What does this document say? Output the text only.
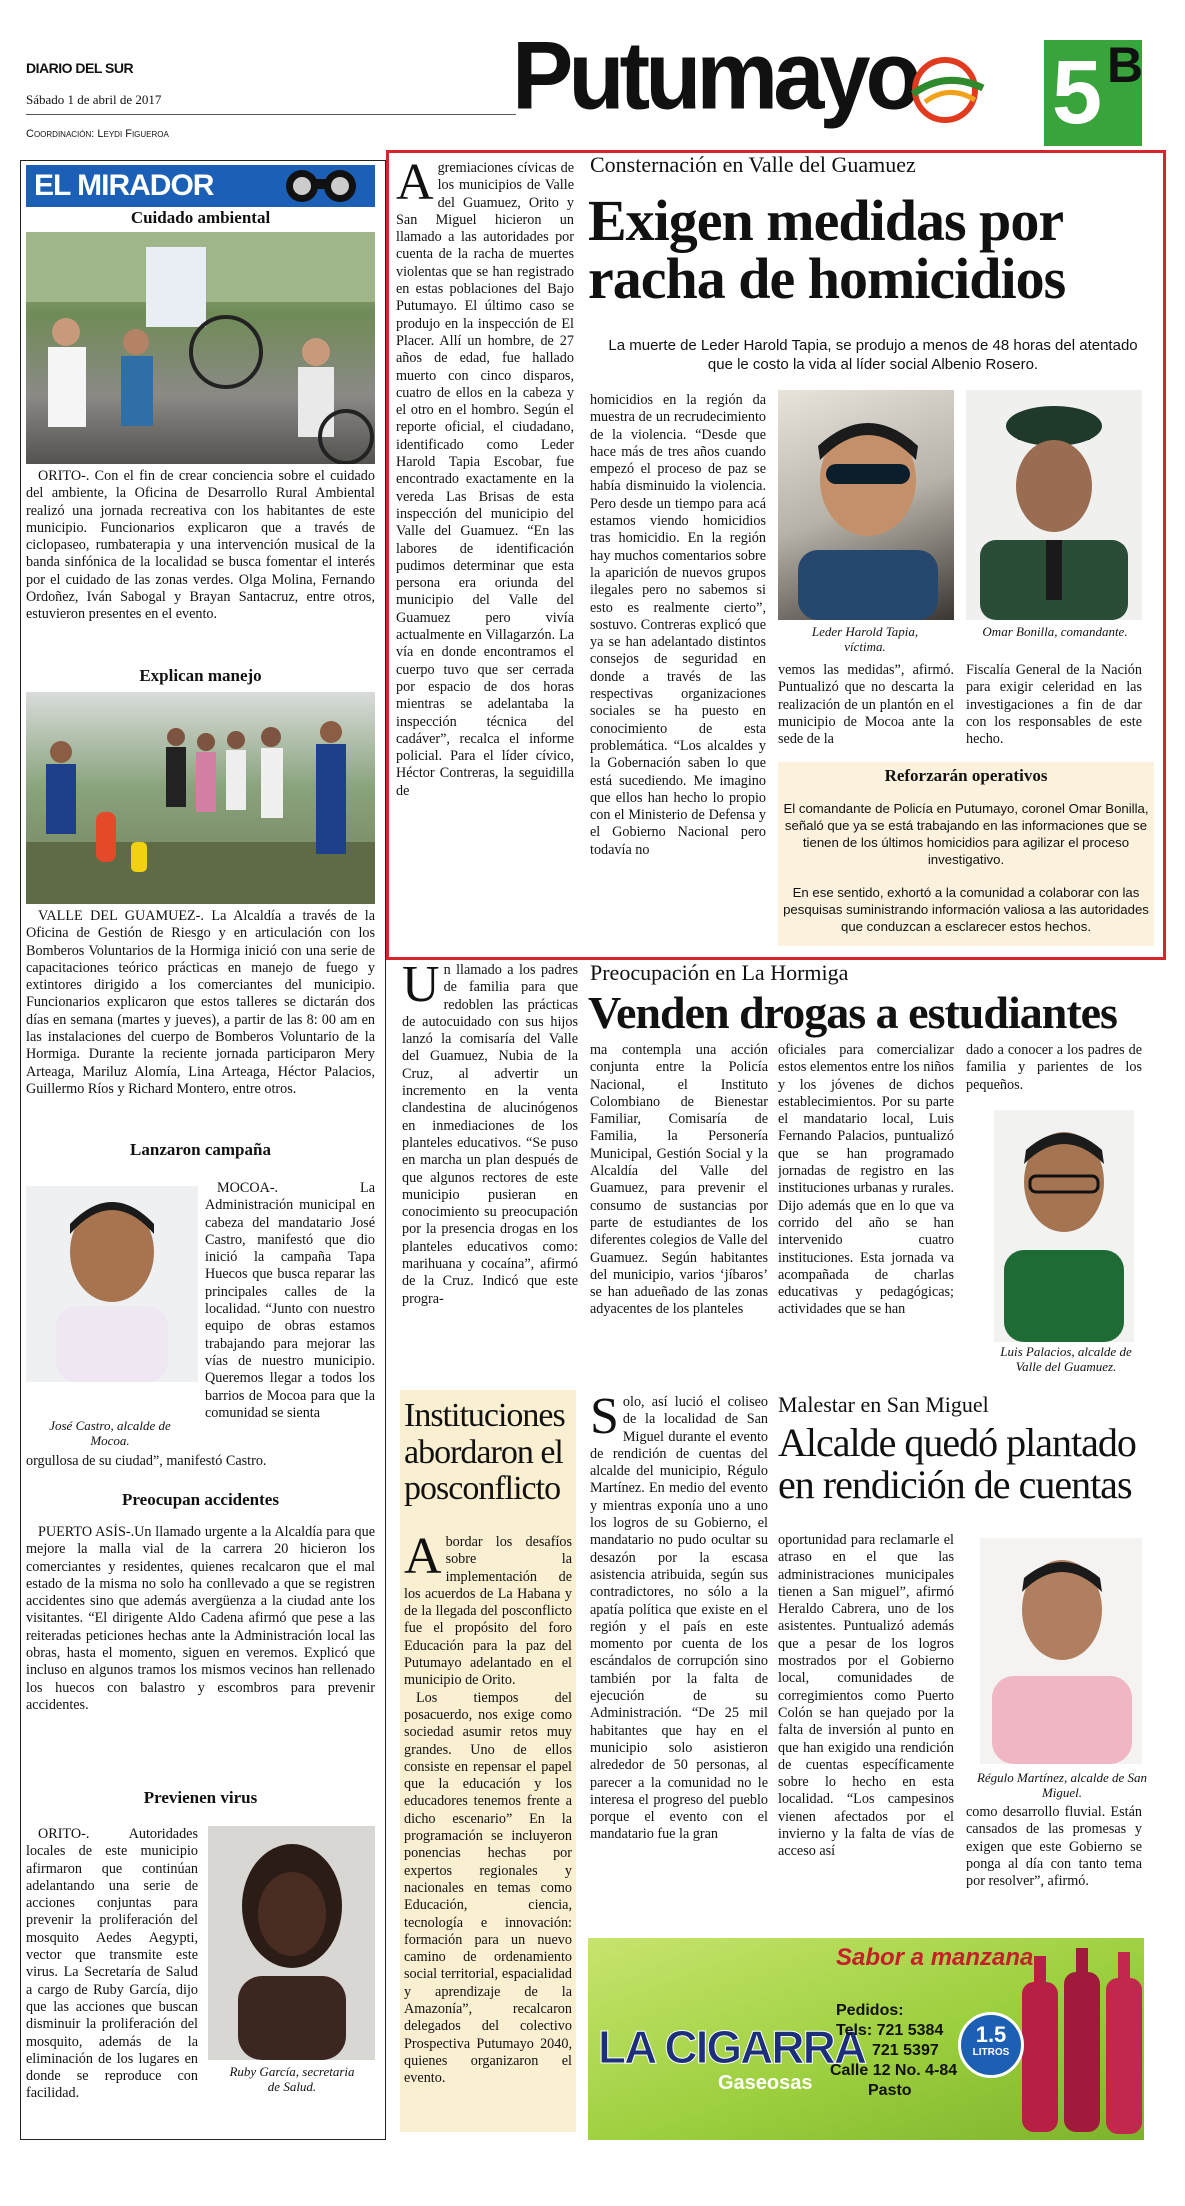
DIARIO DEL SUR
Sábado 1 de abril de 2017
Coordinación: Leydi Figueroa
Putumayo 5 B
EL MIRADOR
Cuidado ambiental

ORITO-. Con el fin de crear conciencia sobre el cuidado del ambiente, la Oficina de Desarrollo Rural Ambiental realizó una jornada recreativa con los habitantes de este municipio. Funcionarios explicaron que a través de ciclopaseo, rumbaterapia y una intervención musical de la banda sinfónica de la localidad se busca fomentar el interés por el cuidado de las zonas verdes. Olga Molina, Fernando Ordoñez, Iván Sabogal y Brayan Santacruz, entre otros, estuvieron presentes en el evento.

Explican manejo

VALLE DEL GUAMUEZ-. La Alcaldía a través de la Oficina de Gestión de Riesgo y en articulación con los Bomberos Voluntarios de la Hormiga inició con una serie de capacitaciones teórico prácticas en manejo de fuego y extintores dirigido a los comerciantes del municipio. Funcionarios explicaron que estos talleres se dictarán dos días en semana (martes y jueves), a partir de las 8: 00 am en las instalaciones del cuerpo de Bomberos Voluntario de la Hormiga. Durante la reciente jornada participaron Mery Arteaga, Mariluz Alomía, Lina Arteaga, Héctor Palacios, Guillermo Ríos y Richard Montero, entre otros.

Lanzaron campaña

MOCOA-. La Administración municipal en cabeza del mandatario José Castro, manifestó que dio inició la campaña Tapa Huecos que busca reparar las principales calles de la localidad. “Junto con nuestro equipo de obras estamos trabajando para mejorar las vías de nuestro municipio. Queremos llegar a todos los barrios de Mocoa para que la comunidad se sienta

José Castro, alcalde de Mocoa.

orgullosa de su ciudad”, manifestó Castro.

Preocupan accidentes

PUERTO ASÍS-.Un llamado urgente a la Alcaldía para que mejore la malla vial de la carrera 20 hicieron los comerciantes y residentes, quienes recalcaron que el mal estado de la misma no solo ha conllevado a que se registren accidentes sino que además avergüenza a la ciudad ante los visitantes. “El dirigente Aldo Cadena afirmó que pese a las reiteradas peticiones hechas ante la Administración local las obras, hasta el momento, siguen en veremos. Explicó que incluso en algunos tramos los mismos vecinos han rellenado los huecos con balastro y escombros para prevenir accidentes.

Previenen virus

ORITO-. Autoridades locales de este municipio afirmaron que continúan adelantando una serie de acciones conjuntas para prevenir la proliferación del mosquito Aedes Aegypti, vector que transmite este virus. La Secretaría de Salud a cargo de Ruby García, dijo que las acciones que buscan disminuir la proliferación del mosquito, además de la eliminación de los lugares en donde se reproduce con facilidad.

Ruby García, secretaria de Salud.

Agremiaciones cívicas de los municipios de Valle del Guamuez, Orito y San Miguel hicieron un llamado a las autoridades por cuenta de la racha de muertes violentas que se han registrado en estas poblaciones del Bajo Putumayo. El último caso se produjo en la inspección de El Placer. Allí un hombre, de 27 años de edad, fue hallado muerto con cinco disparos, cuatro de ellos en la cabeza y el otro en el hombro. Según el reporte oficial, el ciudadano, identificado como Leder Harold Tapia Escobar, fue encontrado exactamente en la vereda Las Brisas de esta inspección del municipio del Valle del Guamuez. “En las labores de identificación pudimos determinar que esta persona era oriunda del municipio del Valle del Guamuez pero vivía actualmente en Villagarzón. La vía en donde encontramos el cuerpo tuvo que ser cerrada por espacio de dos horas mientras se adelantaba la inspección técnica del cadáver”, recalca el informe policial. Para el líder cívico, Héctor Contreras, la seguidilla de

Consternación en Valle del Guamuez
Exigen medidas por racha de homicidios
La muerte de Leder Harold Tapia, se produjo a menos de 48 horas del atentado que le costo la vida al líder social Albenio Rosero.

homicidios en la región da muestra de un recrudecimiento de la violencia. “Desde que hace más de tres años cuando empezó el proceso de paz se había disminuido la violencia. Pero desde un tiempo para acá estamos viendo homicidios tras homicidio. En la región hay muchos comentarios sobre la aparición de nuevos grupos ilegales pero no sabemos si esto es realmente cierto”, sostuvo. Contreras explicó que ya se han adelantado distintos consejos de seguridad en donde a través de las respectivas organizaciones sociales se ha puesto en conocimiento de esta problemática. “Los alcaldes y la Gobernación saben lo que está sucediendo. Me imagino que ellos han hecho lo propio con el Ministerio de Defensa y el Gobierno Nacional pero todavía no

Leder Harold Tapia, víctima.
Omar Bonilla, comandante.

vemos las medidas”, afirmó. Puntualizó que no descarta la realización de un plantón en el municipio de Mocoa ante la sede de la

Fiscalía General de la Nación para exigir celeridad en las investigaciones a fin de dar con los responsables de este hecho.

Reforzarán operativos
El comandante de Policía en Putumayo, coronel Omar Bonilla, señaló que ya se está trabajando en las informaciones que se tienen de los últimos homicidios para agilizar el proceso investigativo.
En ese sentido, exhortó a la comunidad a colaborar con las pesquisas suministrando información valiosa a las autoridades que conduzcan a esclarecer estos hechos.

Un llamado a los padres de familia para que redoblen las prácticas de autocuidado con sus hijos lanzó la comisaría del Valle del Guamuez, Nubia de la Cruz, al advertir un incremento en la venta clandestina de alucinógenos en inmediaciones de los planteles educativos. “Se puso en marcha un plan después de que algunos rectores de este municipio pusieran en conocimiento su preocupación por la presencia drogas en los planteles educativos como: marihuana y cocaína”, afirmó de la Cruz. Indicó que este progra-

Preocupación en La Hormiga
Venden drogas a estudiantes

ma contempla una acción conjunta entre la Policía Nacional, el Instituto Colombiano de Bienestar Familiar, Comisaría de Familia, la Personería Municipal, Gestión Social y la Alcaldía del Valle del Guamuez, para prevenir el consumo de sustancias por parte de estudiantes de los diferentes colegios de Valle del Guamuez. Según habitantes del municipio, varios ‘jíbaros’ se han adueñado de las zonas adyacentes de los planteles

oficiales para comercializar estos elementos entre los niños y los jóvenes de dichos establecimientos. Por su parte el mandatario local, Luis Fernando Palacios, puntualizó que se han programado jornadas de registro en las instituciones urbanas y rurales. Dijo además que en lo que va corrido del año se han intervenido cuatro instituciones. Esta jornada va acompañada de charlas educativas y pedagógicas; actividades que se han

dado a conocer a los padres de familia y parientes de los pequeños.

Luis Palacios, alcalde de Valle del Guamuez.
Instituciones abordaron el posconflicto

Abordar los desafíos sobre la implementación de los acuerdos de La Habana y de la llegada del posconflicto fue el propósito del foro Educación para la paz del Putumayo adelantado en el municipio de Orito.

Los tiempos del posacuerdo, nos exige como sociedad asumir retos muy grandes. Uno de ellos consiste en repensar el papel que la educación y los educadores tenemos frente a dicho escenario” En la programación se incluyeron ponencias hechas por expertos regionales y nacionales en temas como Educación, ciencia, tecnología e innovación: formación para un nuevo camino de ordenamiento social territorial, espacialidad y aprendizaje de la Amazonía”, recalcaron delegados del colectivo Prospectiva Putumayo 2040, quienes organizaron el evento.

Solo, así lució el coliseo de la localidad de San Miguel durante el evento de rendición de cuentas del alcalde del municipio, Régulo Martínez. En medio del evento y mientras exponía uno a uno los logros de su Gobierno, el mandatario no pudo ocultar su desazón por la escasa asistencia atribuida, según sus contradictores, no sólo a la apatía política que existe en el región y el país en este momento por cuenta de los escándalos de corrupción sino también por la falta de ejecución de su Administración. “De 25 mil habitantes que hay en el municipio solo asistieron alrededor de 50 personas, al parecer a la comunidad no le interesa el progreso del pueblo porque el evento con el mandatario fue la gran

Malestar en San Miguel
Alcalde quedó plantado en rendición de cuentas

oportunidad para reclamarle el atraso en el que las administraciones municipales tienen a San miguel”, afirmó Heraldo Cabrera, uno de los asistentes. Puntualizó además que a pesar de los logros mostrados por el Gobierno local, comunidades de corregimientos como Puerto Colón se han quejado por la falta de inversión al punto en que han exigido una rendición de cuentas específicamente sobre lo hecho en esta localidad. “Los campesinos vienen afectados por el invierno y la falta de vías de acceso así

Régulo Martínez, alcalde de San Miguel.

como desarrollo fluvial. Están cansados de las promesas y exigen que este Gobierno se ponga al día con tanto tema por resolver”, afirmó.

Sabor a manzana
LA CIGARRA
Gaseosas
Pedidos:
Tels: 721 5384
721 5397
Calle 12 No. 4-84
Pasto
1.5
LITROS
